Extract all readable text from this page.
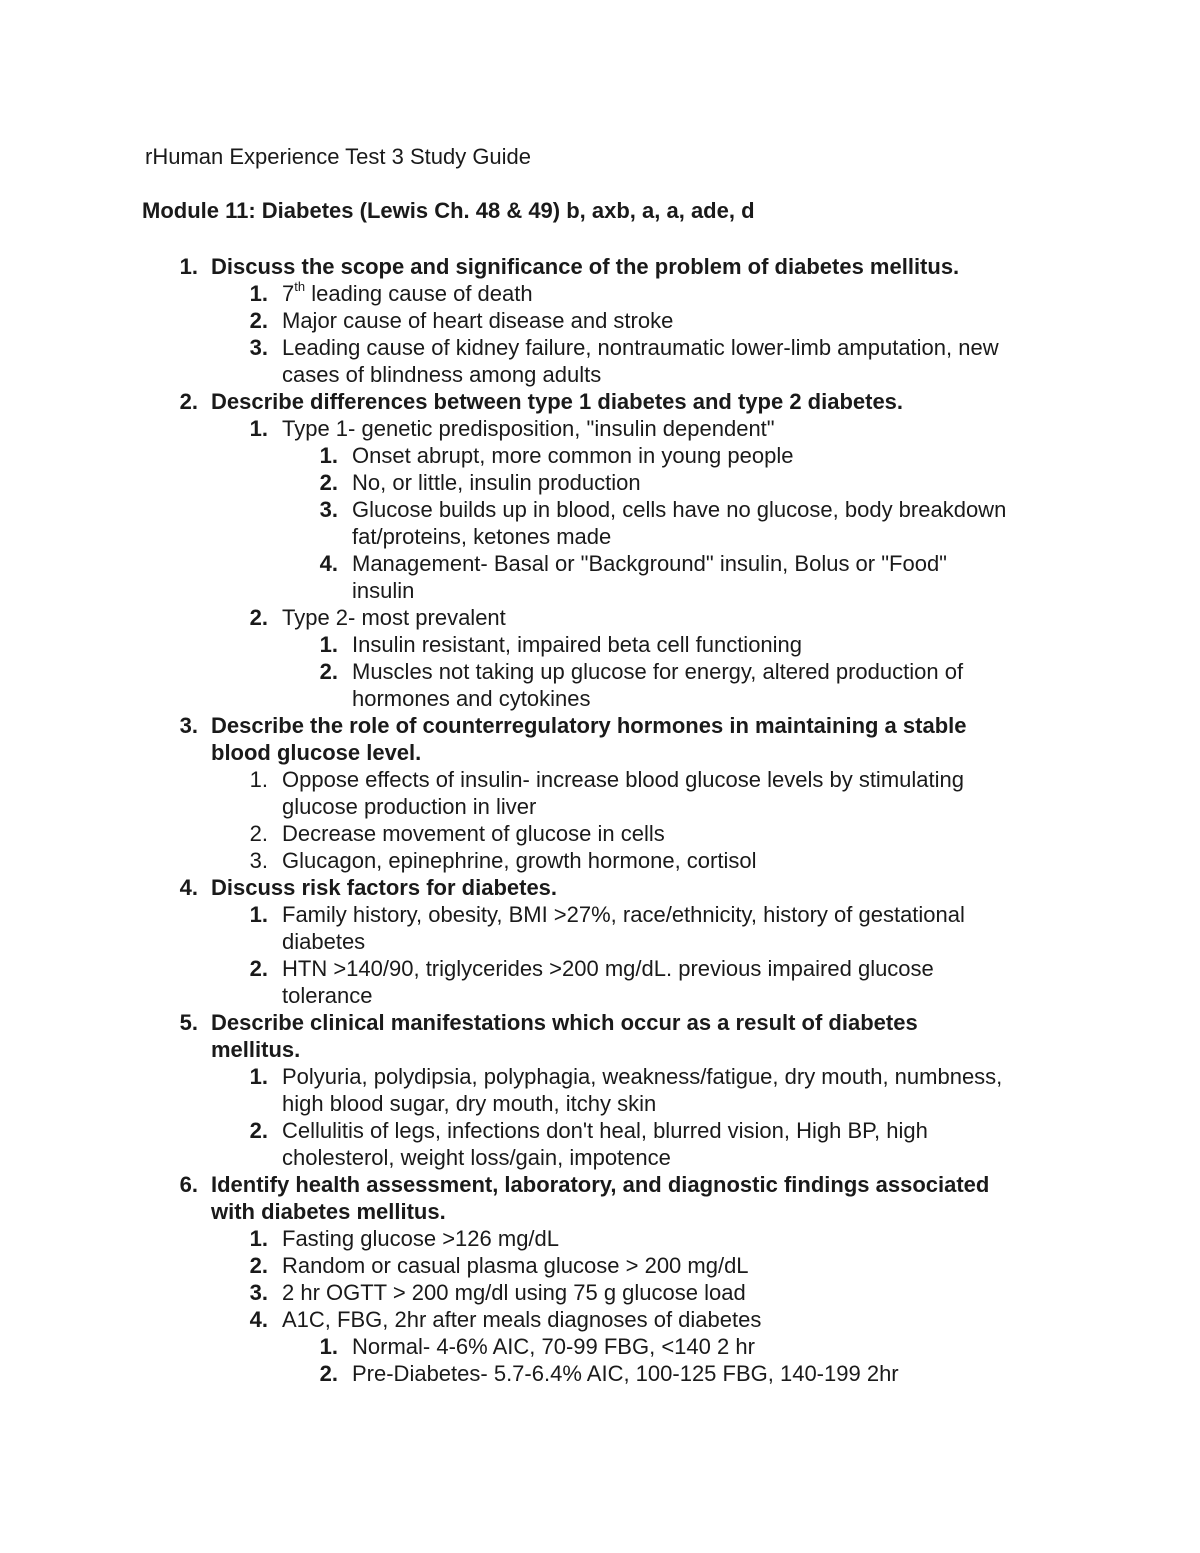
rHuman Experience Test 3 Study Guide
Module 11: Diabetes (Lewis Ch. 48 & 49) b, axb, a, a, ade, d
1. Discuss the scope and significance of the problem of diabetes mellitus.
1. 7th leading cause of death
2. Major cause of heart disease and stroke
3. Leading cause of kidney failure, nontraumatic lower-limb amputation, new
cases of blindness among adults
2. Describe differences between type 1 diabetes and type 2 diabetes.
1. Type 1- genetic predisposition, "insulin dependent"
1. Onset abrupt, more common in young people
2. No, or little, insulin production
3. Glucose builds up in blood, cells have no glucose, body breakdown
fat/proteins, ketones made
4. Management- Basal or "Background" insulin, Bolus or "Food"
insulin
2. Type 2- most prevalent
1. Insulin resistant, impaired beta cell functioning
2. Muscles not taking up glucose for energy, altered production of
hormones and cytokines
3. Describe the role of counterregulatory hormones in maintaining a stable
blood glucose level.
1. Oppose effects of insulin- increase blood glucose levels by stimulating
glucose production in liver
2. Decrease movement of glucose in cells
3. Glucagon, epinephrine, growth hormone, cortisol
4. Discuss risk factors for diabetes.
1. Family history, obesity, BMI >27%, race/ethnicity, history of gestational
diabetes
2. HTN >140/90, triglycerides >200 mg/dL. previous impaired glucose
tolerance
5. Describe clinical manifestations which occur as a result of diabetes
mellitus.
1. Polyuria, polydipsia, polyphagia, weakness/fatigue, dry mouth, numbness,
high blood sugar, dry mouth, itchy skin
2. Cellulitis of legs, infections don't heal, blurred vision, High BP, high
cholesterol, weight loss/gain, impotence
6. Identify health assessment, laboratory, and diagnostic findings associated
with diabetes mellitus.
1. Fasting glucose >126 mg/dL
2. Random or casual plasma glucose > 200 mg/dL
3. 2 hr OGTT > 200 mg/dl using 75 g glucose load
4. A1C, FBG, 2hr after meals diagnoses of diabetes
1. Normal- 4-6% AIC, 70-99 FBG, <140 2 hr
2. Pre-Diabetes- 5.7-6.4% AIC, 100-125 FBG, 140-199 2hr
